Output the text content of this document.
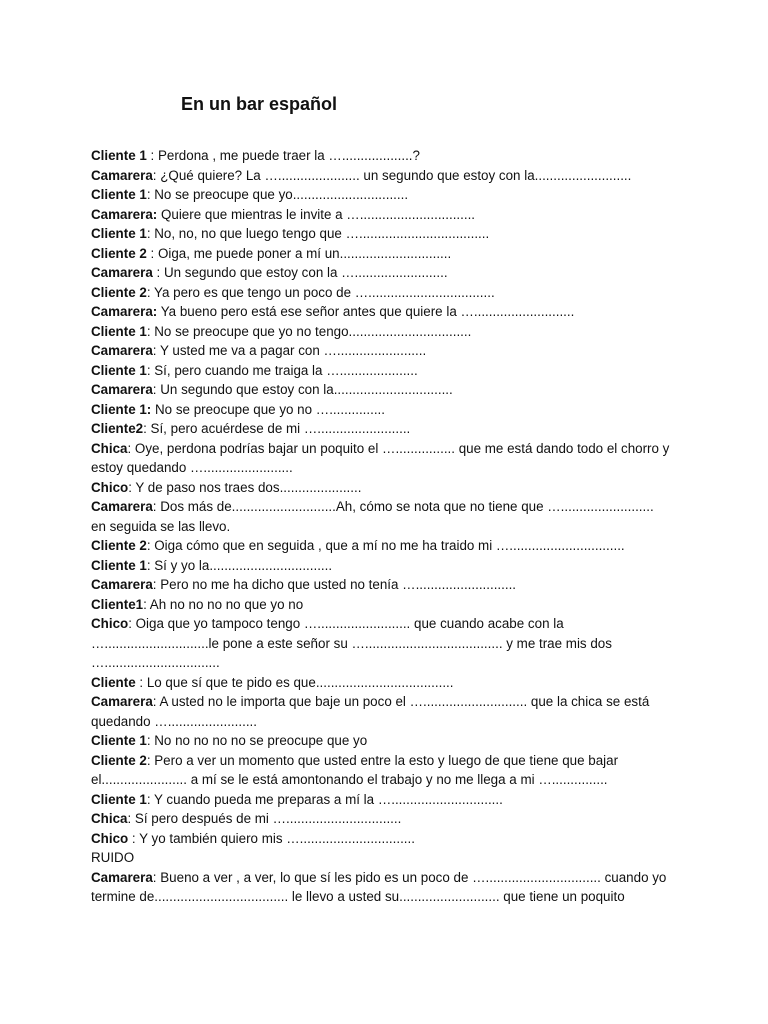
En un bar español

Cliente 1 : Perdona , me puede traer la …...................?

Camarera: ¿Qué quiere? La …...................... un segundo que estoy con la..........................

Cliente 1: No se preocupe que yo...............................

Camarera: Quiere que mientras le invite a …...............................

Cliente 1: No, no, no que luego tengo que …...................................

Cliente 2 : Oiga, me puede poner a mí un..............................

Camarera : Un segundo que estoy con la ….........................

Cliente 2: Ya pero es que tengo un poco de …..................................

Camarera: Ya bueno pero está ese señor antes que quiere la …...........................

Cliente 1: No se preocupe que yo no tengo.................................

Camarera: Y usted me va a pagar con …........................

Cliente 1: Sí, pero cuando me traiga la ….....................

Camarera: Un segundo que estoy con la................................

Cliente 1: No se preocupe que yo no …...............

Cliente2: Sí, pero acuérdese de mi ….........................

Chica: Oye, perdona podrías bajar un poquito el …................ que me está dando todo el chorro y estoy quedando …........................

Chico: Y de paso nos traes dos......................

Camarera: Dos más de............................Ah, cómo se nota que no tiene que ….........................

en seguida se las llevo.

Cliente 2: Oiga cómo que en seguida , que a mí no me ha traido mi …...............................

Cliente 1: Sí y yo la.................................

Camarera: Pero no me ha dicho que usted no tenía …...........................

Cliente1: Ah no no no no que yo no

Chico: Oiga que yo tampoco tengo …......................... que cuando acabe con la …............................le pone a este señor su …..................................... y me trae mis dos …...............................

Cliente : Lo que sí que te pido es que.....................................

Camarera: A usted no le importa que baje un poco el …............................ que la chica se está quedando …........................

Cliente 1: No no no no no se preocupe que yo

Cliente 2: Pero a ver un momento que usted entre la esto y luego de que tiene que bajar el....................... a mí se le está amontonando el trabajo y no me llega a mi …...............

Cliente 1: Y cuando pueda me preparas a mí la …..............................

Chica: Sí pero después de mi …...............................

Chico : Y yo también quiero mis …...............................

RUIDO

Camarera: Bueno a ver , a ver, lo que sí les pido es un poco de …............................... cuando yo termine de.................................... le llevo a usted su........................... que tiene un poquito
